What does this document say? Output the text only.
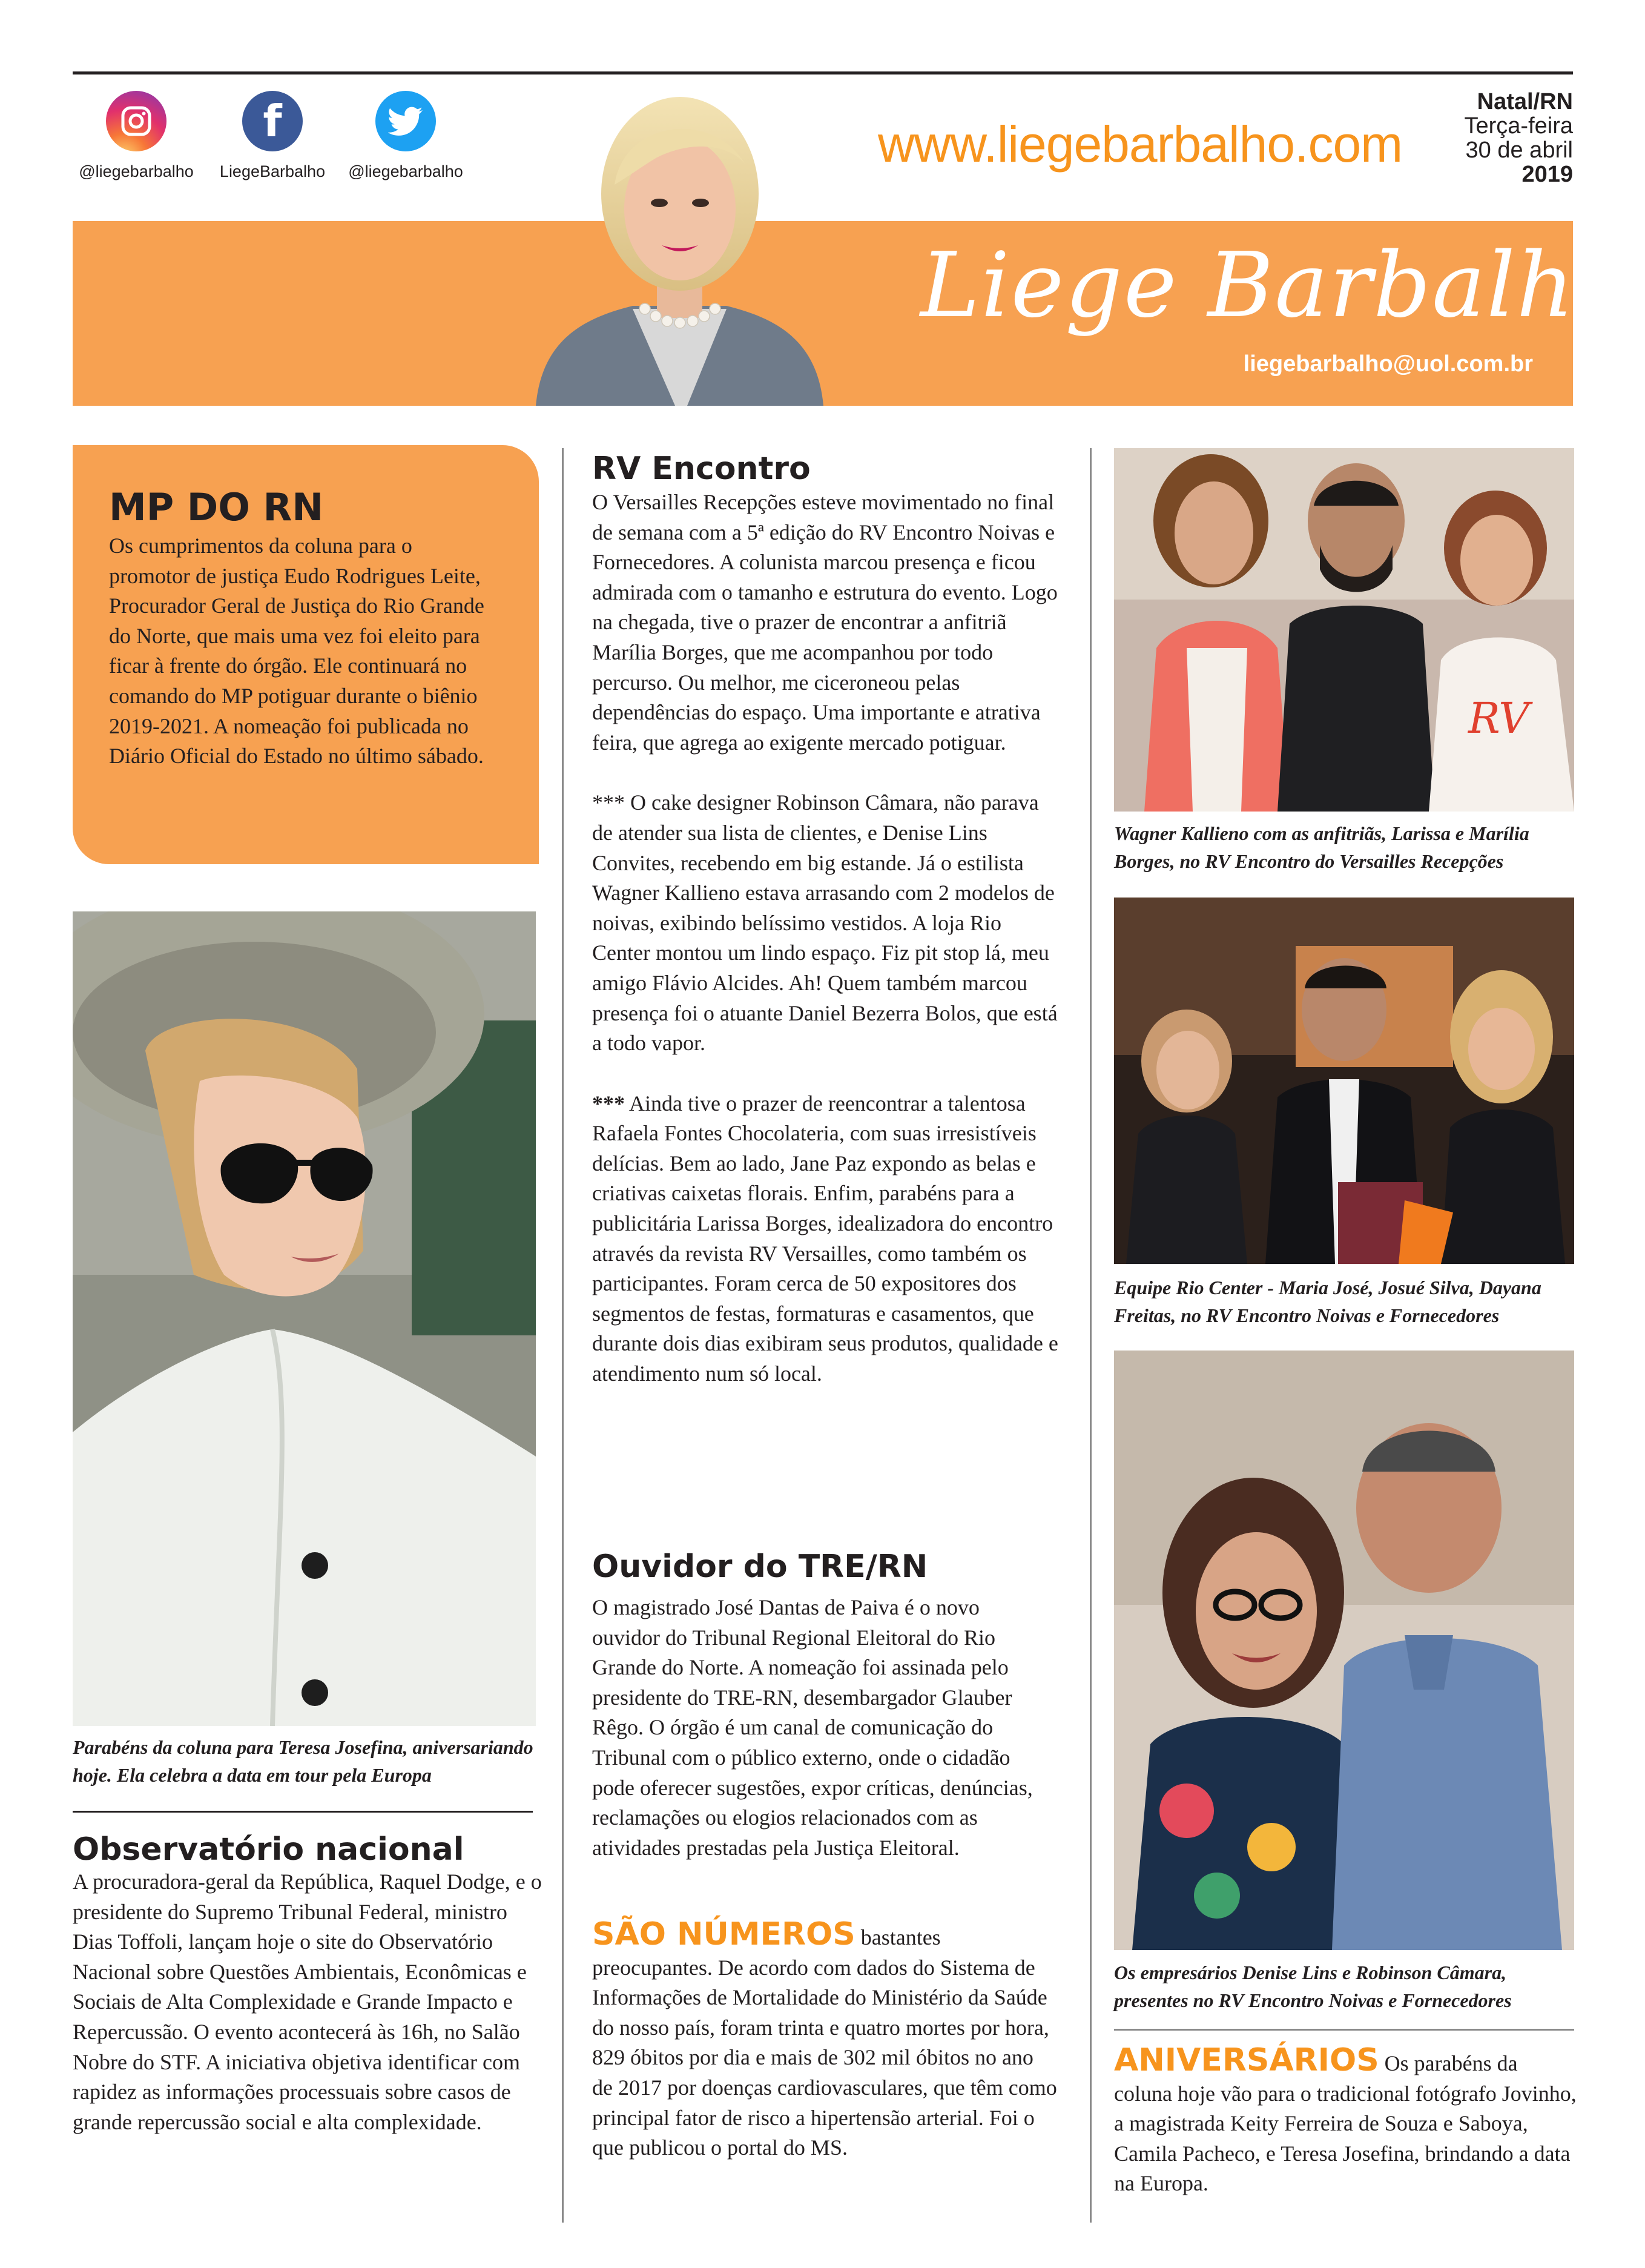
@liegebarbalho
f
LiegeBarbalho	@liegebarbalho	www.liegebarbalho.com
Natal/RN
Terça-feira
30 de abril
2019
Liege Barbalho
liegebarbalho@uol.com.br
MP DO RN
Os cumprimentos da coluna para o promotor de justiça Eudo Rodrigues Leite, Procurador Geral de Justiça do Rio Grande do Norte, que mais uma vez foi eleito para ficar à frente do órgão. Ele continuará no comando do MP potiguar durante o biênio 2019-2021. A nomeação foi publicada no Diário Oficial do Estado no último sábado.
Parabéns da coluna para Teresa Josefina, aniversariando hoje. Ela celebra a data em tour pela Europa
Observatório nacional
A procuradora-geral da República, Raquel Dodge, e o presidente do Supremo Tribunal Federal, ministro Dias Toffoli, lançam hoje o site do Observatório Nacional sobre Questões Ambientais, Econômicas e Sociais de Alta Complexidade e Grande Impacto e Repercussão. O evento acontecerá às 16h, no Salão Nobre do STF. A iniciativa objetiva identificar com rapidez as informações processuais sobre casos de grande repercussão social e alta complexidade.
RV Encontro

O Versailles Recepções esteve movimentado no final de semana com a 5ª edição do RV Encontro Noivas e Fornecedores. A colunista marcou presença e ficou admirada com o tamanho e estrutura do evento. Logo na chegada, tive o prazer de encontrar a anfitriã Marília Borges, que me acompanhou por todo percurso. Ou melhor, me ciceroneou pelas dependências do espaço. Uma importante e atrativa feira, que agrega ao exigente mercado potiguar.

*** O cake designer Robinson Câmara, não parava de atender sua lista de clientes, e Denise Lins Convites, recebendo em big estande. Já o estilista Wagner Kallieno estava arrasando com 2 modelos de noivas, exibindo belíssimo vestidos. A loja Rio Center montou um lindo espaço. Fiz pit stop lá, meu amigo Flávio Alcides. Ah! Quem também marcou presença foi o atuante Daniel Bezerra Bolos, que está a todo vapor.

*** Ainda tive o prazer de reencontrar a talentosa Rafaela Fontes Chocolateria, com suas irresistíveis delícias. Bem ao lado, Jane Paz expondo as belas e criativas caixetas florais. Enfim, parabéns para a publicitária Larissa Borges, idealizadora do encontro através da revista RV Versailles, como também os participantes. Foram cerca de 50 expositores dos segmentos de festas, formaturas e casamentos, que durante dois dias exibiram seus produtos, qualidade e atendimento num só local.

Ouvidor do TRE/RN
O magistrado José Dantas de Paiva é o novo ouvidor do Tribunal Regional Eleitoral do Rio Grande do Norte. A nomeação foi assinada pelo presidente do TRE-RN, desembargador Glauber Rêgo. O órgão é um canal de comunicação do Tribunal com o público externo, onde o cidadão pode oferecer sugestões, expor críticas, denúncias, reclamações ou elogios relacionados com as atividades prestadas pela Justiça Eleitoral.
SÃO NÚMEROS bastantes preocupantes. De acordo com dados do Sistema de Informações de Mortalidade do Ministério da Saúde do nosso país, foram trinta e quatro mortes por hora, 829 óbitos por dia e mais de 302 mil óbitos no ano de 2017 por doenças cardiovasculares, que têm como principal fator de risco a hipertensão arterial. Foi o que publicou o portal do MS.
RV
Wagner Kallieno com as anfitriãs, Larissa e Marília Borges, no RV Encontro do Versailles Recepções
Equipe Rio Center - Maria José, Josué Silva, Dayana Freitas, no RV Encontro Noivas e Fornecedores
Os empresários Denise Lins e Robinson Câmara, presentes no RV Encontro Noivas e Fornecedores
ANIVERSÁRIOS Os parabéns da coluna hoje vão para o tradicional fotógrafo Jovinho, a magistrada Keity Ferreira de Souza e Saboya, Camila Pacheco, e Teresa Josefina, brindando a data na Europa.
